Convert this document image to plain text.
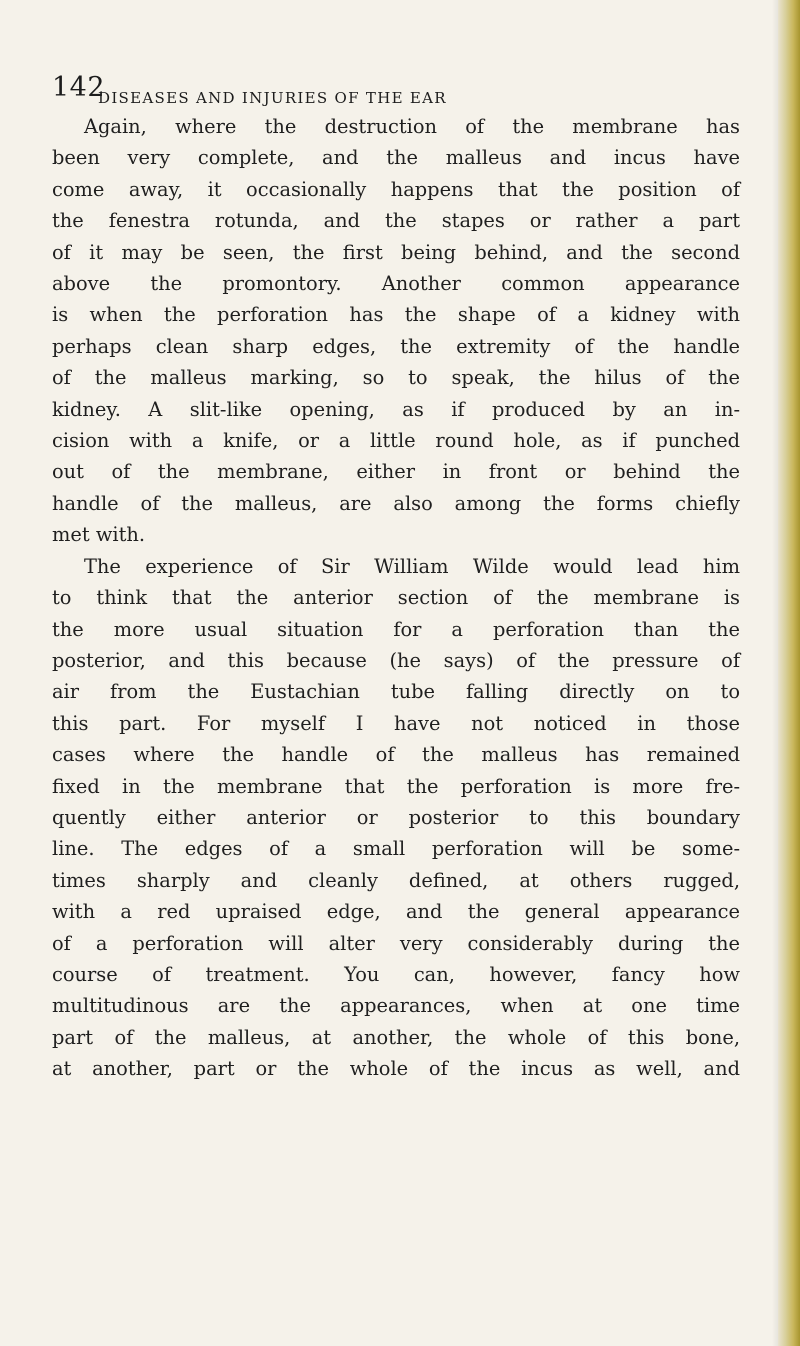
142
DISEASES AND INJURIES OF THE EAR
Again, where the destruction of the membrane has
been very complete, and the malleus and incus have
come away, it occasionally happens that the position of
the fenestra rotunda, and the stapes or rather a part
of it may be seen, the first being behind, and the second
above the promontory. Another common appearance
is when the perforation has the shape of a kidney with
perhaps clean sharp edges, the extremity of the handle
of the malleus marking, so to speak, the hilus of the
kidney. A slit-like opening, as if produced by an in-
cision with a knife, or a little round hole, as if punched
out of the membrane, either in front or behind the
handle of the malleus, are also among the forms chiefly
met with.
The experience of Sir William Wilde would lead him
to think that the anterior section of the membrane is
the more usual situation for a perforation than the
posterior, and this because (he says) of the pressure of
air from the Eustachian tube falling directly on to
this part. For myself I have not noticed in those
cases where the handle of the malleus has remained
fixed in the membrane that the perforation is more fre-
quently either anterior or posterior to this boundary
line. The edges of a small perforation will be some-
times sharply and cleanly defined, at others rugged,
with a red upraised edge, and the general appearance
of a perforation will alter very considerably during the
course of treatment. You can, however, fancy how
multitudinous are the appearances, when at one time
part of the malleus, at another, the whole of this bone,
at another, part or the whole of the incus as well, and
